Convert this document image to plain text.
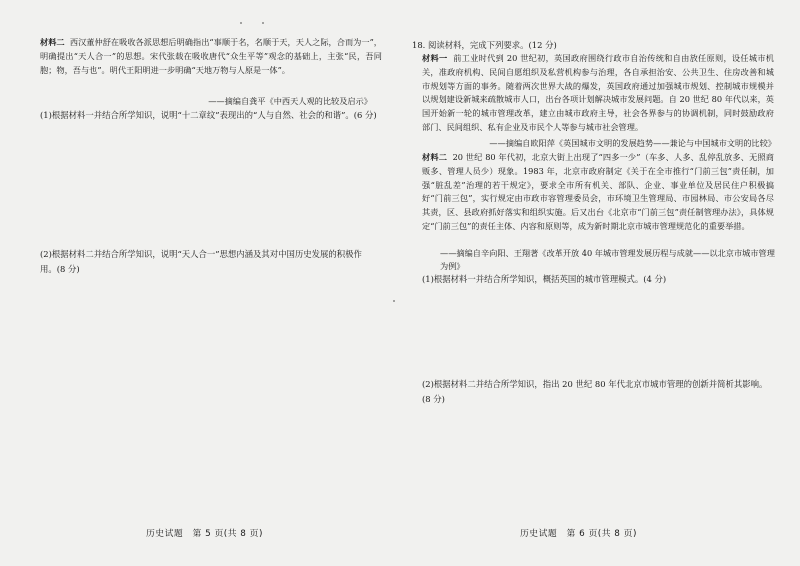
材料二 西汉董仲舒在吸收各派思想后明确指出“事顺于名，名顺于天，天人之际，合而为一”，明确提出“天人合一”的思想。宋代张载在吸收唐代“众生平等”观念的基础上，主张“民，吾同胞；物，吾与也”。明代王阳明进一步明确“天地万物与人原是一体”。

——摘编自龚平《中西天人观的比较及启示》

(1)根据材料一并结合所学知识，说明“十二章纹”表现出的“人与自然、社会的和谐”。(6 分)

(2)根据材料二并结合所学知识，说明“天人合一”思想内涵及其对中国历史发展的积极作用。(8 分)

历史试题　第 5 页(共 8 页)

18. 阅读材料，完成下列要求。(12 分)

材料一 前工业时代到 20 世纪初，英国政府围绕行政市自治传统和自由放任原则，设任城市机关，准政府机构、民间自愿组织及私营机构参与治理，各自承担治安、公共卫生、住房改善和城市规划等方面的事务。随着两次世界大战的爆发，英国政府通过加强城市规划、控制城市规模并以规划建设新城来疏散城市人口，出台各项计划解决城市发展问题。自 20 世纪 80 年代以来，英国开始新一轮的城市管理改革，建立由城市政府主导，社会各界参与的协调机制，同时鼓励政府部门、民间组织、私有企业及市民个人等参与城市社会管理。

——摘编自欧阳萍《英国城市文明的发展趋势——兼论与中国城市文明的比较》

材料二 20 世纪 80 年代初，北京大街上出现了“四多一少”（车多、人多、乱停乱放多、无照商贩多、管理人员少）现象。1983 年，北京市政府制定《关于在全市推行“门前三包”责任制，加强“脏乱差”治理的若干规定》，要求全市所有机关、部队、企业、事业单位及居民住户积极搞好“门前三包”，实行规定由市政市容管理委员会，市环境卫生管理局、市园林局、市公安局各尽其责，区、县政府抓好落实和组织实施。后又出台《北京市“门前三包”责任制管理办法》，具体规定“门前三包”的责任主体、内容和原则等，成为新时期北京市城市管理规范化的重要举措。

——摘编自辛向阳、王翔著《改革开放 40 年城市管理发展历程与成就——以北京市城市管理为例》

(1)根据材料一并结合所学知识，概括英国的城市管理模式。(4 分)

(2)根据材料二并结合所学知识，指出 20 世纪 80 年代北京市城市管理的创新并简析其影响。(8 分)

历史试题　第 6 页(共 8 页)
